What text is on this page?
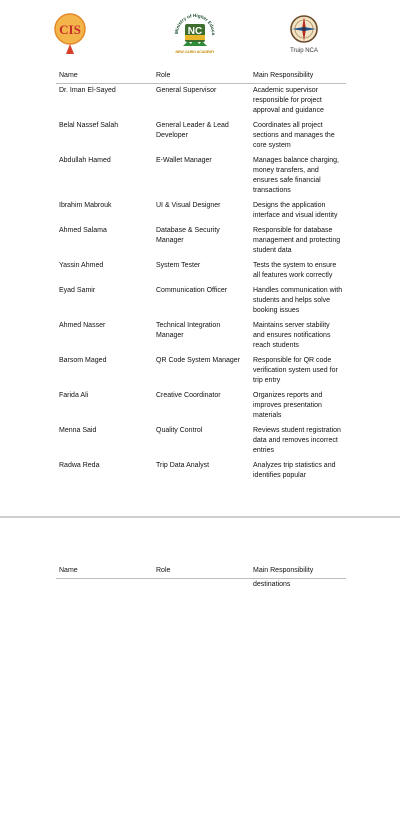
CIS	Ministry of Higher Educa
NC
NEW CAIRO ACADEMY	Truip NCA
Name	Role	Main Responsibility
Dr. Iman El-Sayed	General Supervisor	Academic supervisor responsible for project approval and guidance
Belal Nassef Salah	General Leader & Lead Developer	Coordinates all project sections and manages the core system
Abdullah Hamed	E-Wallet Manager	Manages balance charging, money transfers, and ensures safe financial transactions
Ibrahim Mabrouk	UI & Visual Designer	Designs the application interface and visual identity
Ahmed Salama	Database & Security Manager	Responsible for database management and protecting student data
Yassin Ahmed	System Tester	Tests the system to ensure all features work correctly
Eyad Samir	Communication Officer	Handles communication with students and helps solve booking issues
Ahmed Nasser	Technical Integration Manager	Maintains server stability and ensures notifications reach students
Barsom Maged	QR Code System Manager	Responsible for QR code verification system used for trip entry
Farida Ali	Creative Coordinator	Organizes reports and improves presentation materials
Menna Said	Quality Control	Reviews student registration data and removes incorrect entries
Radwa Reda	Trip Data Analyst	Analyzes trip statistics and identifies popular
Name	Role	Main Responsibility
		destinations
